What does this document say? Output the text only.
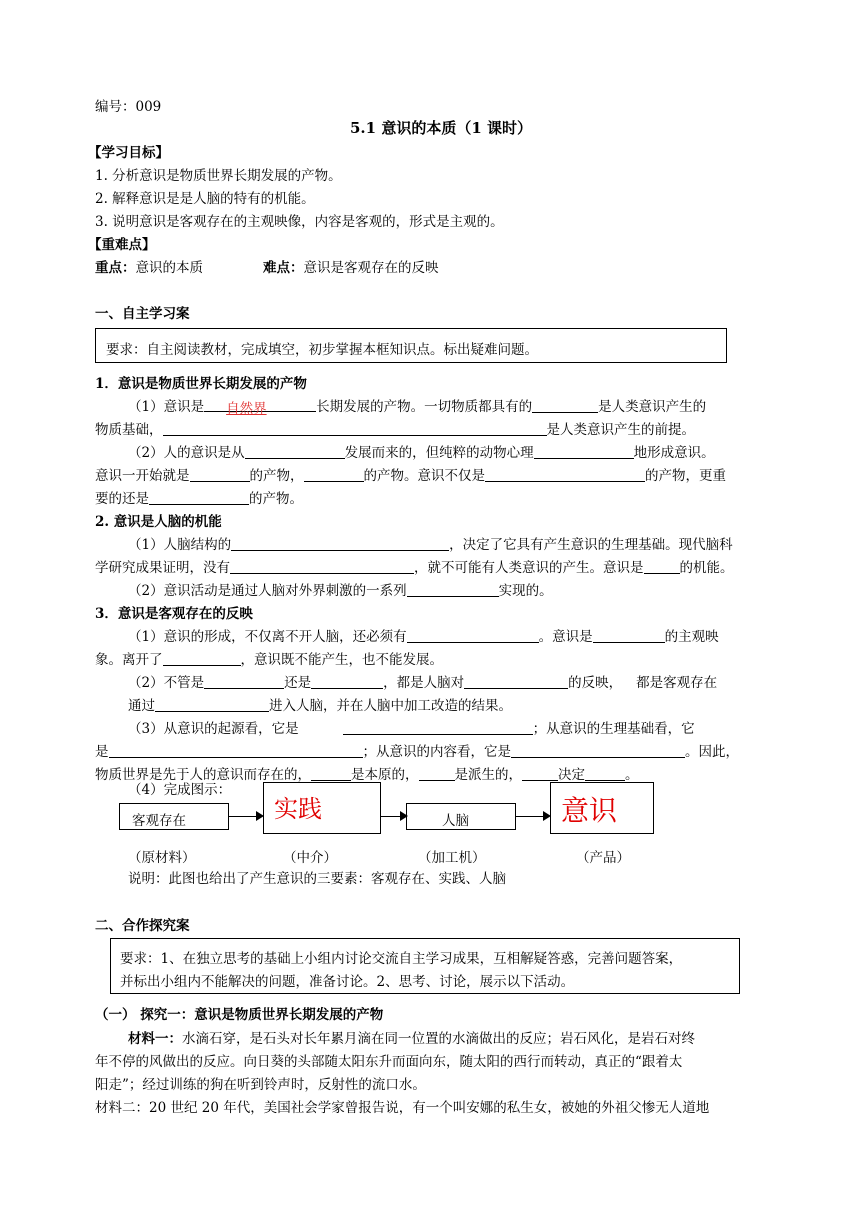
编号：009
5.1 意识的本质（1 课时）
【学习目标】
1. 分析意识是物质世界长期发展的产物。
2. 解释意识是是人脑的特有的机能。
3. 说明意识是客观存在的主观映像，内容是客观的，形式是主观的。
【重难点】
重点：意识的本质	难点：意识是客观存在的反映
一、自主学习案
要求：自主阅读教材，完成填空，初步掌握本框知识点。标出疑难问题。
1．意识是物质世界长期发展的产物
（1）意识是 自然界	长期发展的产物。一切物质都具有的	是人类意识产生的
物质基础，	是人类意识产生的前提。
（2）人的意识是从	发展而来的，但纯粹的动物心理	地形成意识。
意识一开始就是	的产物，	的产物。意识不仅是	的产物，更重
要的还是	的产物。
2. 意识是人脑的机能
（1）人脑结构的	，决定了它具有产生意识的生理基础。现代脑科
学研究成果证明，没有	，就不可能有人类意识的产生。意识是	的机能。
（2）意识活动是通过人脑对外界刺激的一系列	实现的。
3．意识是客观存在的反映
（1）意识的形成，不仅离不开人脑，还必须有	。意识是	的主观映
象。离开了	，意识既不能产生，也不能发展。
（2）不管是	还是	，都是人脑对	的反映， 都是客观存在
通过	进入人脑，并在人脑中加工改造的结果。
（3）从意识的起源看，它是	；从意识的生理基础看，它
是	；从意识的内容看，它是	。因此，
物质世界是先于人的意识而存在的，	是本原的，	是派生的，	决定	。
（4）完成图示：
客观存在	实践	人脑	意识
（原材料）	（中介）	（加工机）	（产品）
说明：此图也给出了产生意识的三要素：客观存在、实践、人脑
二、合作探究案
要求：1、在独立思考的基础上小组内讨论交流自主学习成果，互相解疑答惑，完善问题答案，
并标出小组内不能解决的问题，准备讨论。2、思考、讨论，展示以下活动。
（一） 探究一：意识是物质世界长期发展的产物
材料一：水滴石穿，是石头对长年累月滴在同一位置的水滴做出的反应；岩石风化，是岩石对终
年不停的风做出的反应。向日葵的头部随太阳东升而面向东，随太阳的西行而转动，真正的“跟着太
阳走”；经过训练的狗在听到铃声时，反射性的流口水。
材料二：20 世纪 20 年代，美国社会学家曾报告说，有一个叫安娜的私生女，被她的外祖父惨无人道地
